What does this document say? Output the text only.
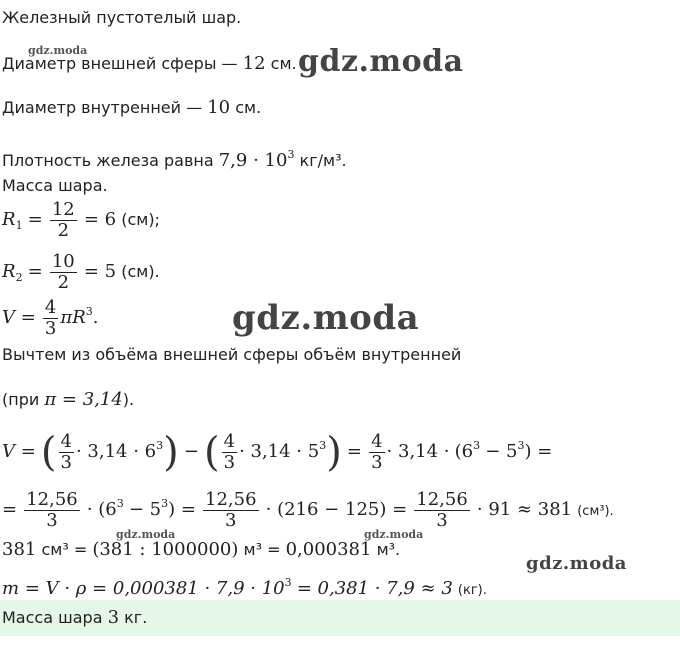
Железный пустотелый шар.
Диаметр внешней сферы — 12 см.
Диаметр внутренней — 10 см.
Плотность железа равна $7,9 \cdot 10^3$ кг/м³.
Масса шара.
$R_1 = \frac{12}{2} = 6$ (см);
$R_2 = \frac{10}{2} = 5$ (см).
$V = \frac{4}{3} \pi R^3$.
Вычтем из объёма внешней сферы объём внутренней
(при π = 3,14).
V = ( $\frac{4}{3} \cdot 3,14 \cdot 6^3$) − ( $\frac{4}{3} \cdot 3,14 \cdot 5^3) = \frac{4}{3} \cdot 3,14 \cdot (6^3 - 5^3)$ =
= $\frac{12,56}{3} \cdot (6^3 - 5^3) = \frac{12,56}{3} \cdot (216 - 125) = \frac{12,56}{3} \cdot 91 \approx 381$ (см³).
381 см³ = (381 : 1000000) м³ = 0,000381 м³.
$m = V \cdot \rho = 0,000381 \cdot 7,9 \cdot 10^3 = 0,381 \cdot 7,9 \approx 3$ (кг).
Масса шара 3 кг.
gdz.moda	gdz.moda
gdz.moda
gdz.moda	gdz.moda
gdz.moda
